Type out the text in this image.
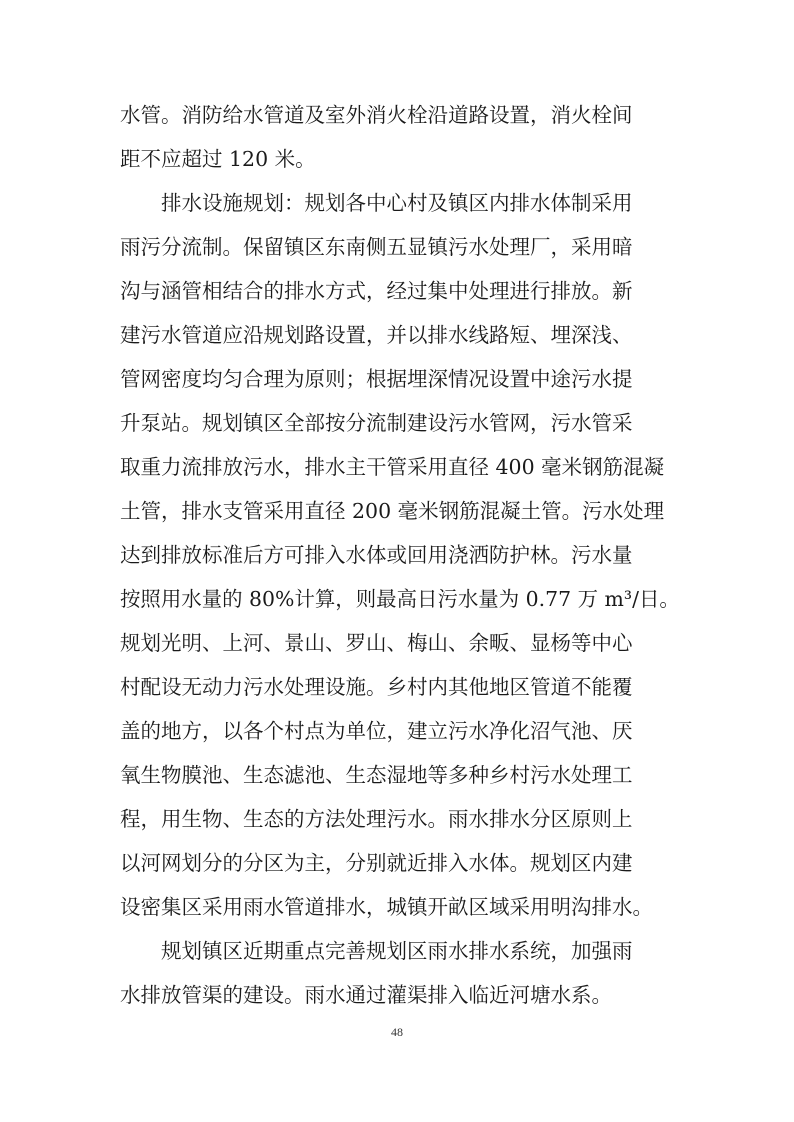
水管。消防给水管道及室外消火栓沿道路设置，消火栓间
距不应超过 120 米。
排水设施规划：规划各中心村及镇区内排水体制采用
雨污分流制。保留镇区东南侧五显镇污水处理厂，采用暗
沟与涵管相结合的排水方式，经过集中处理进行排放。新
建污水管道应沿规划路设置，并以排水线路短、埋深浅、
管网密度均匀合理为原则；根据埋深情况设置中途污水提
升泵站。规划镇区全部按分流制建设污水管网，污水管采
取重力流排放污水，排水主干管采用直径 400 毫米钢筋混凝
土管，排水支管采用直径 200 毫米钢筋混凝土管。污水处理
达到排放标准后方可排入水体或回用浇洒防护林。污水量
按照用水量的 80%计算，则最高日污水量为 0.77 万 m³/日。
规划光明、上河、景山、罗山、梅山、余畈、显杨等中心
村配设无动力污水处理设施。乡村内其他地区管道不能覆
盖的地方，以各个村点为单位，建立污水净化沼气池、厌
氧生物膜池、生态滤池、生态湿地等多种乡村污水处理工
程，用生物、生态的方法处理污水。雨水排水分区原则上
以河网划分的分区为主，分别就近排入水体。规划区内建
设密集区采用雨水管道排水，城镇开畝区域采用明沟排水。
规划镇区近期重点完善规划区雨水排水系统，加强雨
水排放管渠的建设。雨水通过灌渠排入临近河塘水系。
48
